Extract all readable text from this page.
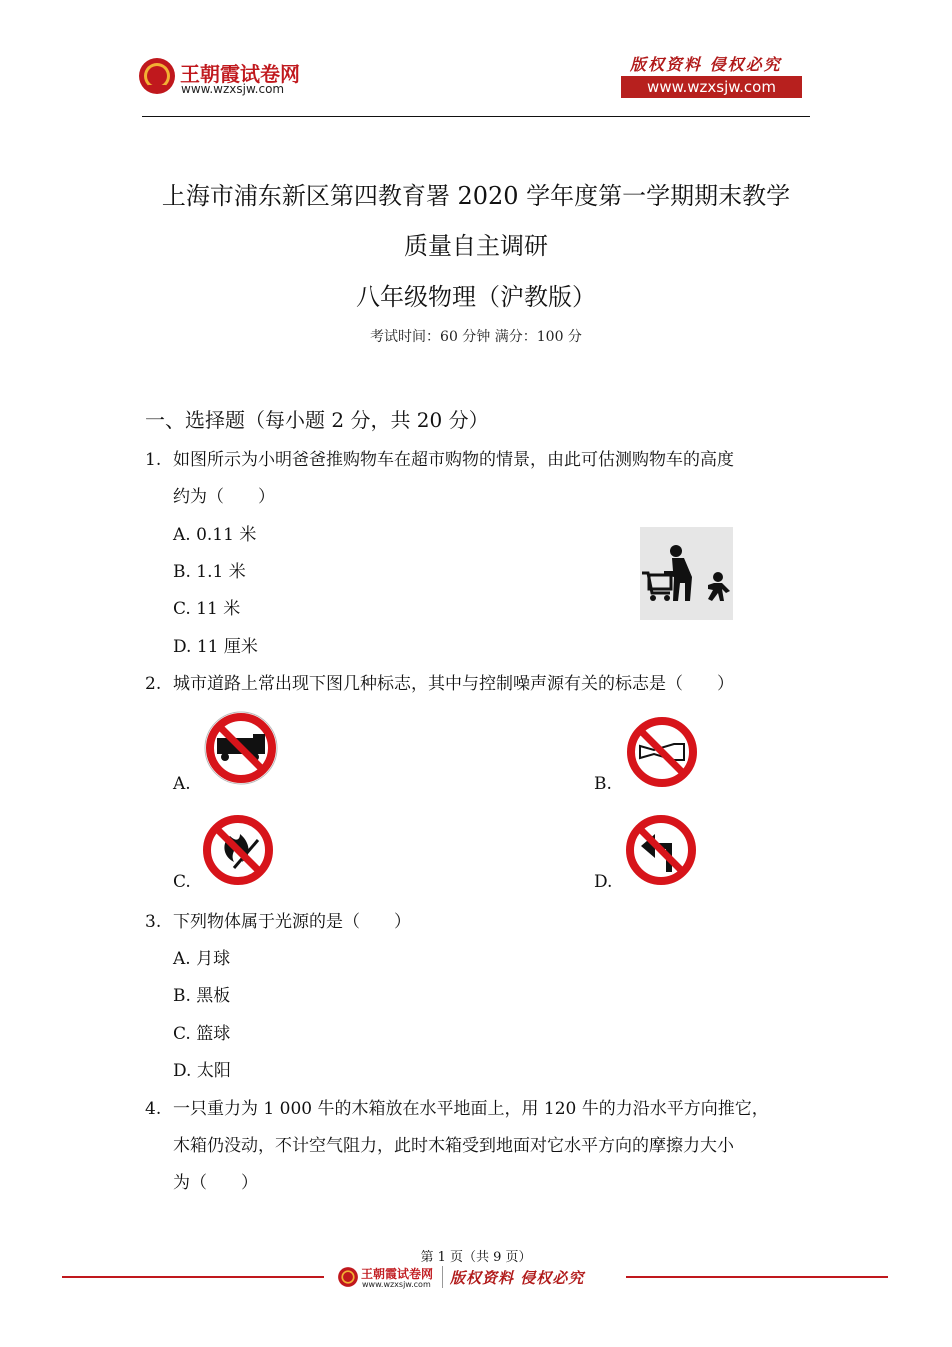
王朝霞试卷网
www.wzxsjw.com
版权资料 侵权必究
www.wzxsjw.com
上海市浦东新区第四教育署 2020 学年度第一学期期末教学
质量自主调研
八年级物理（沪教版）
考试时间：60 分钟 满分：100 分
一、选择题（每小题 2 分，共 20 分）
1. 如图所示为小明爸爸推购物车在超市购物的情景，由此可估测购物车的高度
约为（　　）
A. 0.11 米
B. 1.1 米
C. 11 米
D. 11 厘米
2. 城市道路上常出现下图几种标志，其中与控制噪声源有关的标志是（　　）
A.	B.
C.	D.
3. 下列物体属于光源的是（　　）
A. 月球
B. 黑板
C. 篮球
D. 太阳
4. 一只重力为 1 000 牛的木箱放在水平地面上，用 120 牛的力沿水平方向推它，
木箱仍没动，不计空气阻力，此时木箱受到地面对它水平方向的摩擦力大小
为（　　）
第 1 页（共 9 页）
王朝霞试卷网
www.wzxsjw.com 版权资料 侵权必究
